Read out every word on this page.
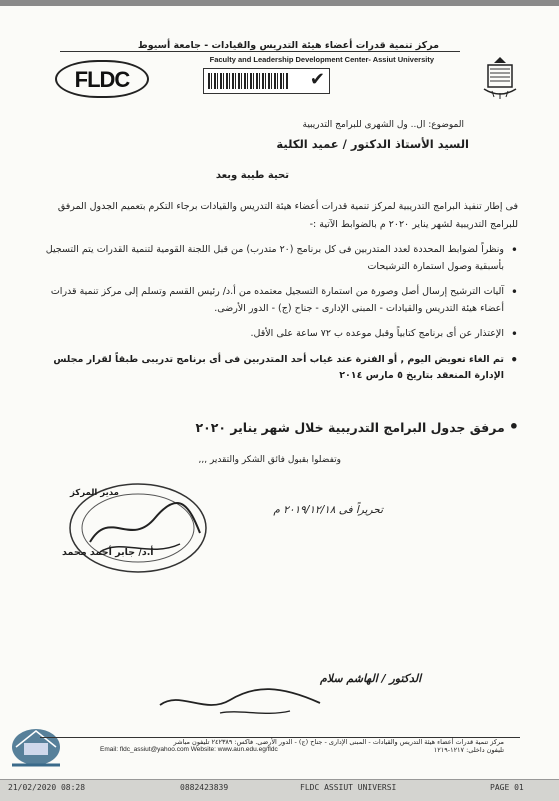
مركز تنمية قدرات أعضاء هيئة التدريس والقيادات - جامعة أسيوط
Faculty and Leadership Development Center- Assiut University
FLDC	✔
الموضوع: ال.. ول الشهرى للبرامج التدريبية
السيد الأستاذ الدكتور / عميد الكلية
تحية طيبة وبعد
فى إطار تنفيذ البرامج التدريبية لمركز تنمية قدرات أعضاء هيئة التدريس والقيادات برجاء التكرم بتعميم الجدول المرفق للبرامج التدريبية لشهر يناير ٢٠٢٠ م بالضوابط الآتية :-
• ونظراً لضوابط المحددة لعدد المتدربين فى كل برنامج (٢٠ متدرب) من قبل اللجنة القومية لتنمية القدرات يتم التسجيل بأسبقية وصول استمارة الترشيحات
• آليات الترشيح إرسال أصل وصورة من استمارة التسجيل معتمده من أ.د/ رئيس القسم وتسلم إلى مركز تنمية قدرات أعضاء هيئة التدريس والقيادات - المبنى الإدارى - جناح (ج) - الدور الأرضى.
• الإعتذار عن أى برنامج كتابياً وقبل موعده ب ٧٢ ساعة على الأقل.
• تم الغاء تعويض اليوم , أو الفترة عند غياب أحد المتدربين فى أى برنامج تدريبى طبقاً لقرار مجلس الإدارة المنعقد بتاريخ ٥ مارس ٢٠١٤
•مرفق جدول البرامج التدريبية خلال شهر يناير ٢٠٢٠
وتفضلوا بقبول فائق الشكر والتقدير ,,,
مدير المركز
تحريراً فى ٢٠١٩/١٢/١٨ م
أ.د/ جابر أحمد محمد
الدكتور / الهاشم سلام
مركز تنمية قدرات أعضاء هيئة التدريس والقيادات - المبنى الإدارى - جناح (ج) - الدور الأرضى. فاكس: ٢٤٢٣٨٩ تليفون مباشر
تليفون داخلى: ١٢١٧-١٢١٩
Email: fldc_assiut@yahoo.com Website: www.aun.edu.eg/fldc
21/02/2020 08:28	0882423839	FLDC ASSIUT UNIVERSI	PAGE 01
